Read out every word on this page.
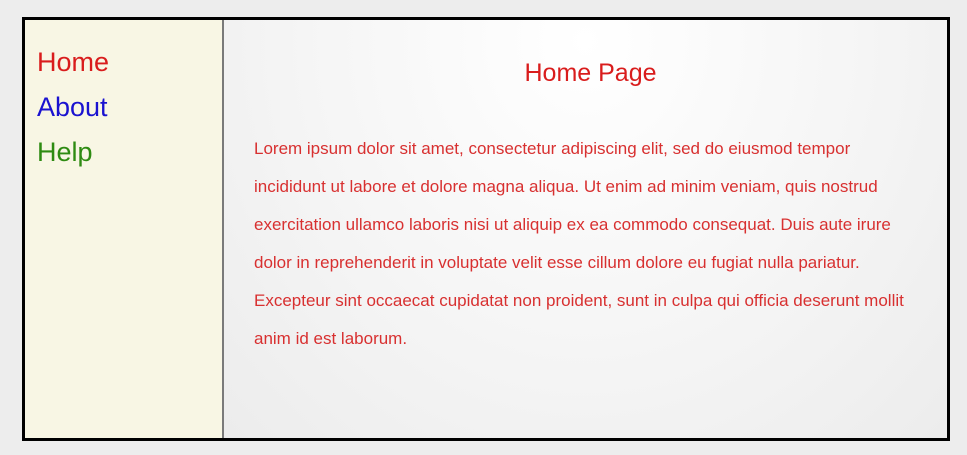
Home
About
Help
Home Page

Lorem ipsum dolor sit amet, consectetur adipiscing elit, sed do eiusmod tempor incididunt ut labore et dolore magna aliqua. Ut enim ad minim veniam, quis nostrud exercitation ullamco laboris nisi ut aliquip ex ea commodo consequat. Duis aute irure dolor in reprehenderit in voluptate velit esse cillum dolore eu fugiat nulla pariatur. Excepteur sint occaecat cupidatat non proident, sunt in culpa qui officia deserunt mollit anim id est laborum.
